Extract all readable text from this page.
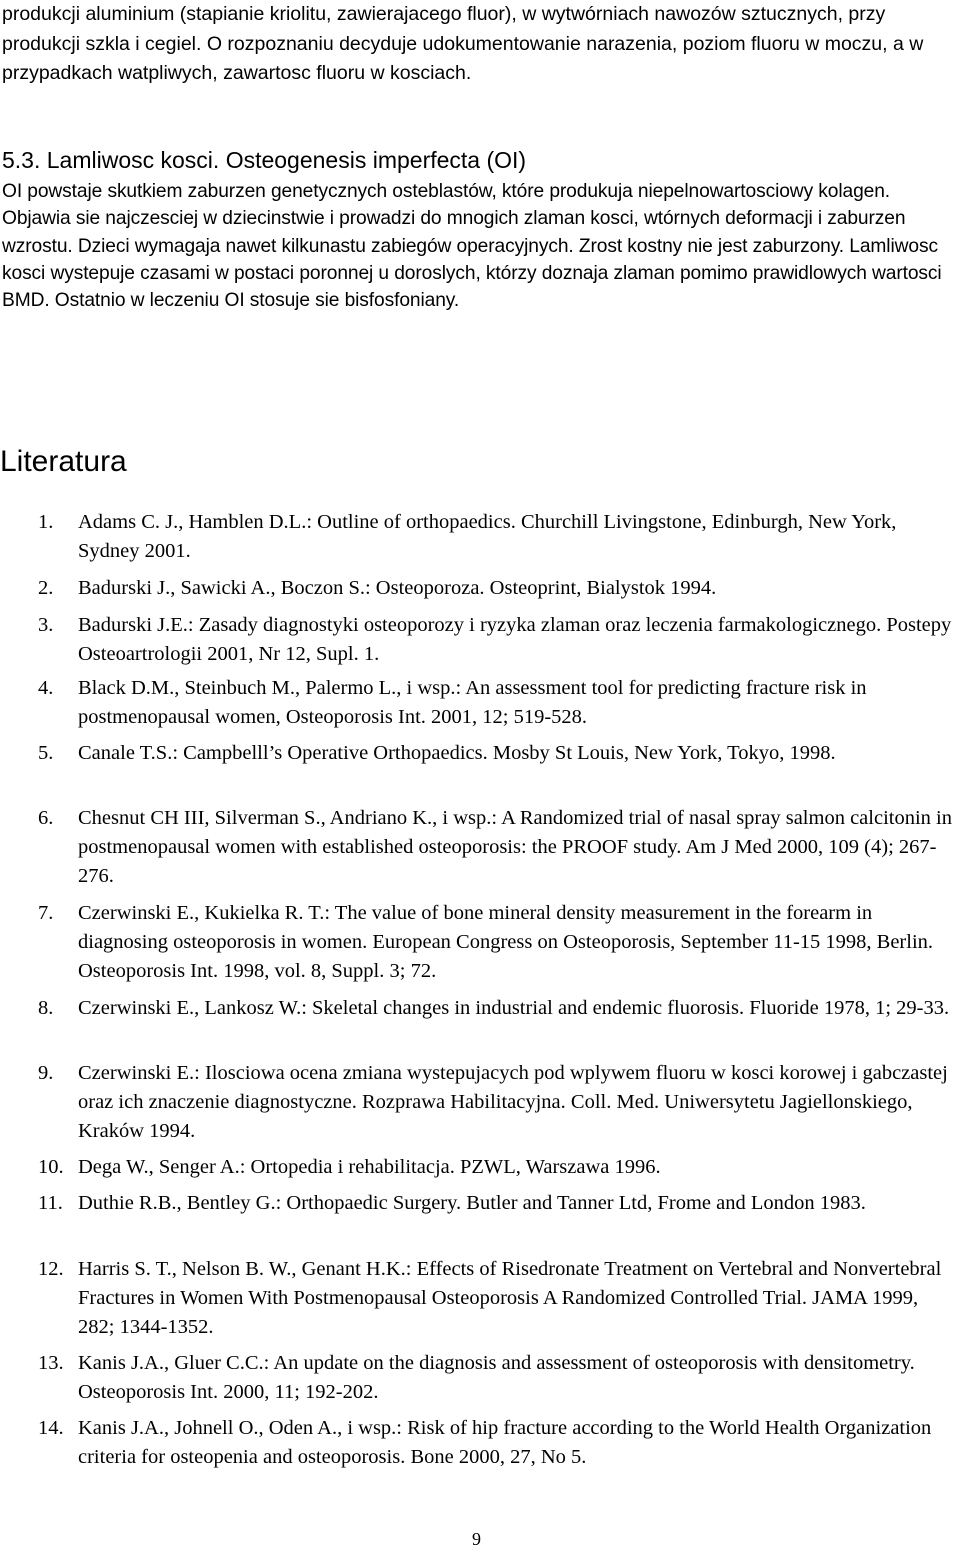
produkcji aluminium (stapianie kriolitu, zawierajacego fluor), w wytwórniach nawozów sztucznych, przy produkcji szkla i cegiel. O rozpoznaniu decyduje udokumentowanie narazenia, poziom fluoru w moczu, a w przypadkach watpliwych, zawartosc fluoru w kosciach.

5.3. Lamliwosc kosci. Osteogenesis imperfecta (OI)

OI powstaje skutkiem zaburzen genetycznych osteblastów, które produkuja niepelnowartosciowy kolagen. Objawia sie najczesciej w dziecinstwie i prowadzi do mnogich zlaman kosci, wtórnych deformacji i zaburzen wzrostu. Dzieci wymagaja nawet kilkunastu zabiegów operacyjnych. Zrost kostny nie jest zaburzony. Lamliwosc kosci wystepuje czasami w postaci poronnej u doroslych, którzy doznaja zlaman pomimo prawidlowych wartosci BMD. Ostatnio w leczeniu OI stosuje sie bisfosfoniany.

Literatura
1. Adams C. J., Hamblen D.L.: Outline of orthopaedics. Churchill Livingstone, Edinburgh, New York, Sydney 2001.
2. Badurski J., Sawicki A., Boczon S.: Osteoporoza. Osteoprint, Bialystok 1994.
3. Badurski J.E.: Zasady diagnostyki osteoporozy i ryzyka zlaman oraz leczenia farmakologicznego. Postepy Osteoartrologii 2001, Nr 12, Supl. 1.
4. Black D.M., Steinbuch M., Palermo L., i wsp.: An assessment tool for predicting fracture risk in postmenopausal women, Osteoporosis Int. 2001, 12; 519-528.
5. Canale T.S.: Campbelll’s Operative Orthopaedics. Mosby St Louis, New York, Tokyo, 1998.
6. Chesnut CH III, Silverman S., Andriano K., i wsp.: A Randomized trial of nasal spray salmon calcitonin in postmenopausal women with established osteoporosis: the PROOF study. Am J Med 2000, 109 (4); 267-276.
7. Czerwinski E., Kukielka R. T.: The value of bone mineral density measurement in the forearm in diagnosing osteoporosis in women. European Congress on Osteoporosis, September 11-15 1998, Berlin. Osteoporosis Int. 1998, vol. 8, Suppl. 3; 72.
8. Czerwinski E., Lankosz W.: Skeletal changes in industrial and endemic fluorosis. Fluoride 1978, 1; 29-33.
9. Czerwinski E.: Ilosciowa ocena zmiana wystepujacych pod wplywem fluoru w kosci korowej i gabczastej oraz ich znaczenie diagnostyczne. Rozprawa Habilitacyjna. Coll. Med. Uniwersytetu Jagiellonskiego, Kraków 1994.
10. Dega W., Senger A.: Ortopedia i rehabilitacja. PZWL, Warszawa 1996.
11. Duthie R.B., Bentley G.: Orthopaedic Surgery. Butler and Tanner Ltd, Frome and London 1983.
12. Harris S. T., Nelson B. W., Genant H.K.: Effects of Risedronate Treatment on Vertebral and Nonvertebral Fractures in Women With Postmenopausal Osteoporosis A Randomized Controlled Trial. JAMA 1999, 282; 1344-1352.
13. Kanis J.A., Gluer C.C.: An update on the diagnosis and assessment of osteoporosis with densitometry. Osteoporosis Int. 2000, 11; 192-202.
14. Kanis J.A., Johnell O., Oden A., i wsp.: Risk of hip fracture according to the World Health Organization criteria for osteopenia and osteoporosis. Bone 2000, 27, No 5.

9
